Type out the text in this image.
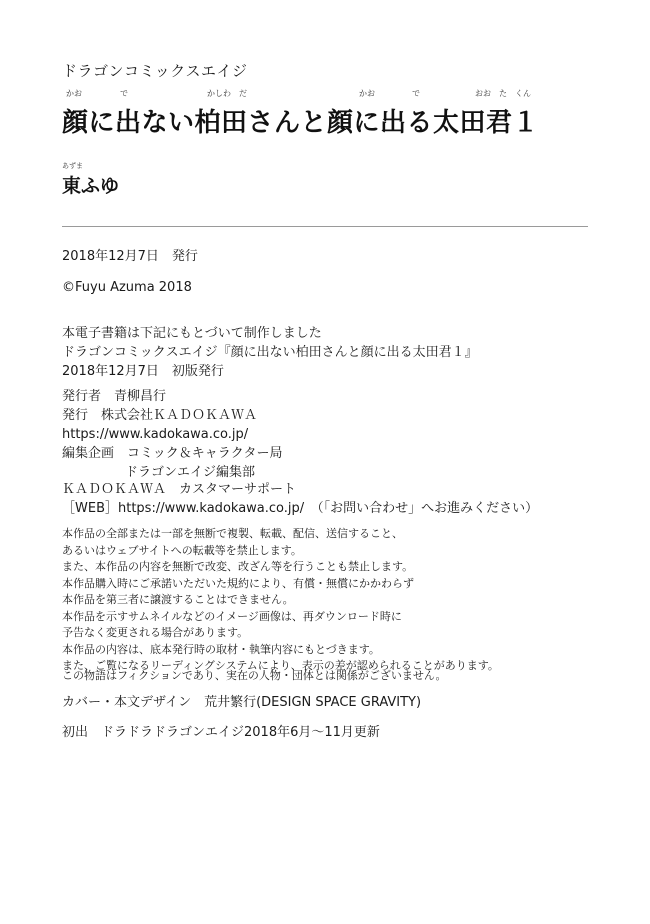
ドラゴンコミックスエイジ
かお	で	かしわ　だ	かお	で	おお　た　くん
顔に出ない柏田さんと顔に出る太田君１
あずま
東ふゆ
2018年12月7日　発行
©Fuyu Azuma 2018
本電子書籍は下記にもとづいて制作しました
ドラゴンコミックスエイジ『顔に出ない柏田さんと顔に出る太田君１』
2018年12月7日　初版発行
発行者　青柳昌行
発行　株式会社ＫＡＤＯＫＡＷＡ
https://www.kadokawa.co.jp/
編集企画　コミック＆キャラクター局
ドラゴンエイジ編集部
ＫＡＤＯＫＡＷＡ　カスタマーサポート
［WEB］https://www.kadokawa.co.jp/　（「お問い合わせ」へお進みください）
本作品の全部または一部を無断で複製、転載、配信、送信すること、
あるいはウェブサイトへの転載等を禁止します。
また、本作品の内容を無断で改変、改ざん等を行うことも禁止します。
本作品購入時にご承諾いただいた規約により、有償・無償にかかわらず
本作品を第三者に譲渡することはできません。
本作品を示すサムネイルなどのイメージ画像は、再ダウンロード時に
予告なく変更される場合があります。
本作品の内容は、底本発行時の取材・執筆内容にもとづきます。
また、ご覧になるリーディングシステムにより、表示の差が認められることがあります。
この物語はフィクションであり、実在の人物・団体とは関係がございません。
カバー・本文デザイン　荒井繁行(DESIGN SPACE GRAVITY)
初出　ドラドラドラゴンエイジ2018年6月〜11月更新
